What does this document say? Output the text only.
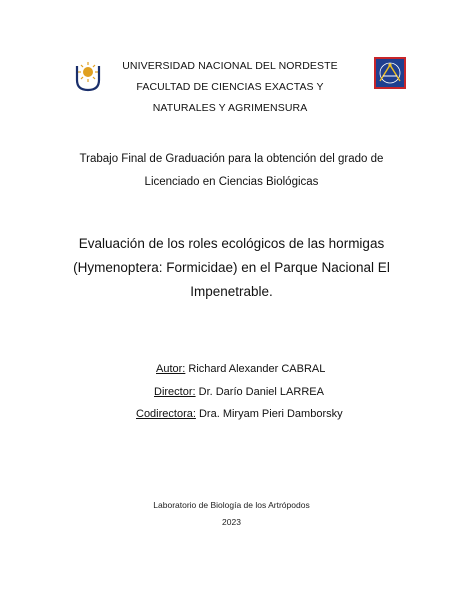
UNIVERSIDAD NACIONAL DEL NORDESTE
FACULTAD DE CIENCIAS EXACTAS Y
NATURALES Y AGRIMENSURA
Trabajo Final de Graduación para la obtención del grado de
Licenciado en Ciencias Biológicas
Evaluación de los roles ecológicos de las hormigas
(Hymenoptera: Formicidae) en el Parque Nacional El
Impenetrable.
Autor: Richard Alexander CABRAL
Director: Dr. Darío Daniel LARREA
Codirectora: Dra. Miryam Pieri Damborsky
Laboratorio de Biología de los Artrópodos
2023
